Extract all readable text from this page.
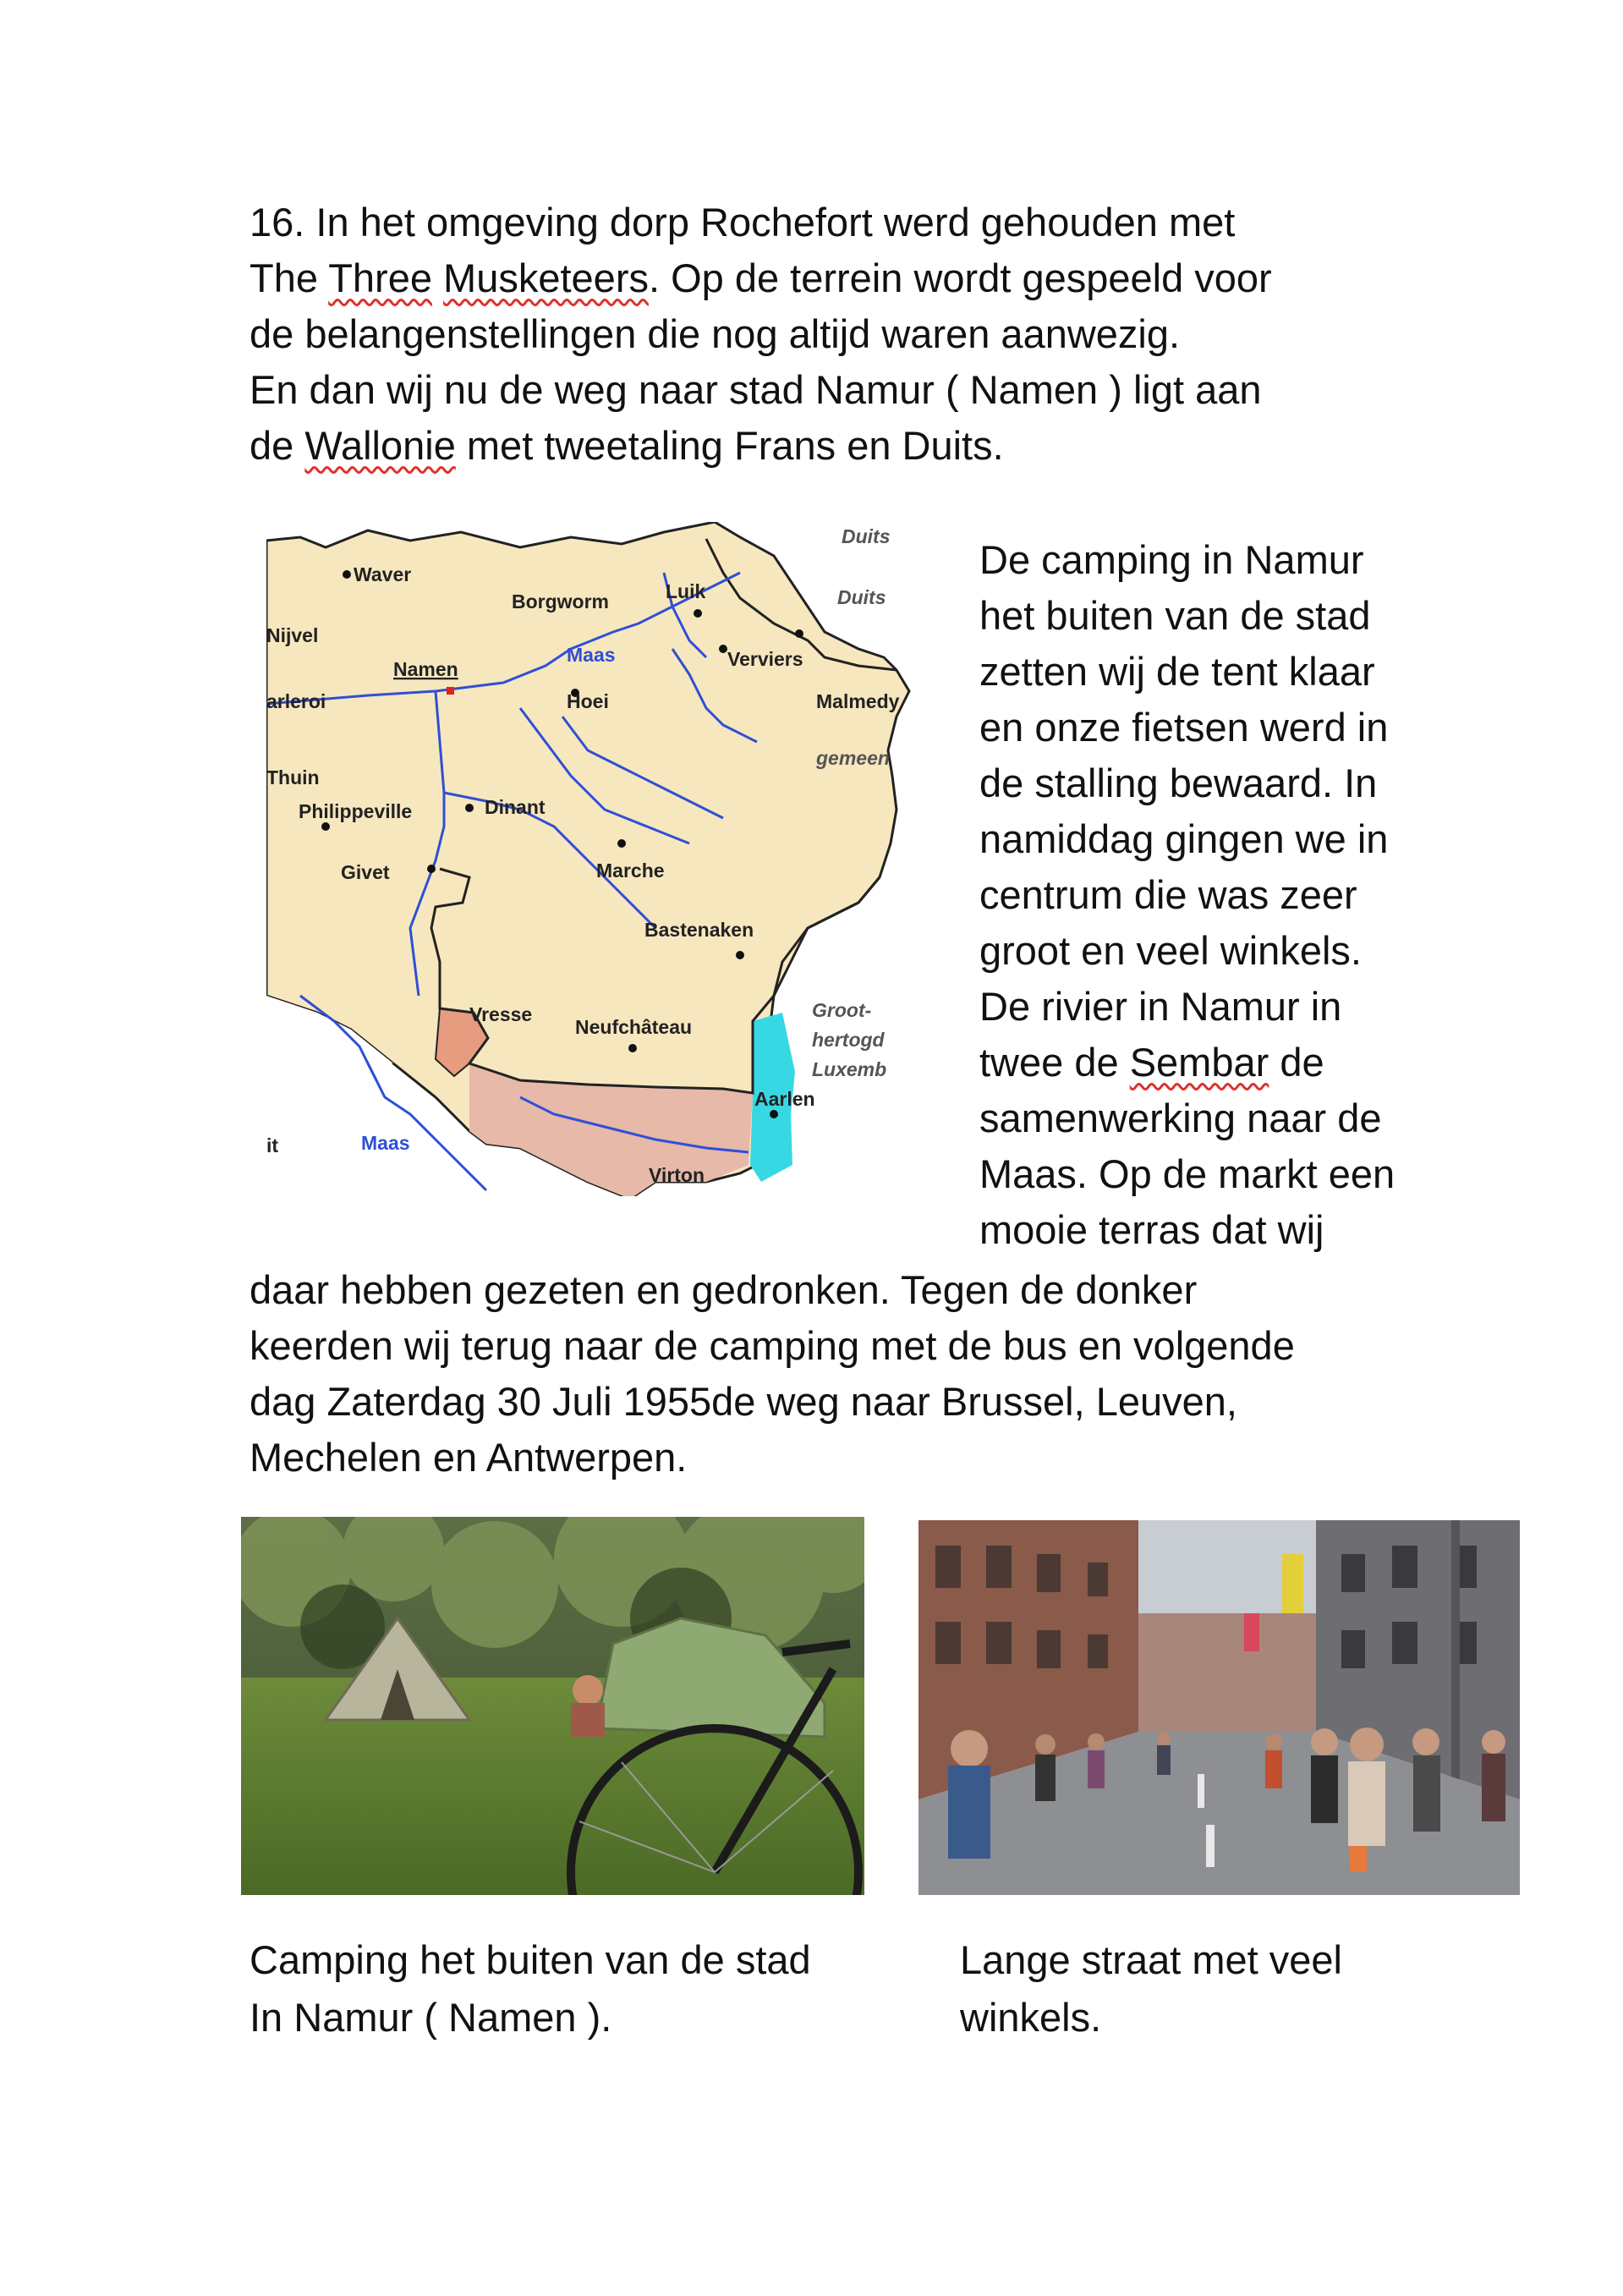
16. In het omgeving dorp Rochefort werd gehouden met
The Three Musketeers. Op de terrein wordt gespeeld voor
de belangenstellingen die nog altijd waren aanwezig.
En dan wij nu de weg naar stad Namur ( Namen ) ligt aan
de Wallonie met tweetaling Frans en Duits.

Waver
Nijvel
Borgworm	Luik
Duits
Duits
Namen
Maas	Verviers
arleroi	Hoei	Malmedy
gemeen
Thuin
Philippeville	Dinant
Givet	Marche
Bastenaken
Vresse
Neufchâteau
Groot-
hertogd
Luxemb
Aarlen
Maas
it
Virton

De camping in Namur
het buiten van de stad
zetten wij de tent klaar
en onze fietsen werd in
de stalling bewaard. In
namiddag gingen we in
centrum die was zeer
groot en veel winkels.
De rivier in Namur in
twee de Sembar de
samenwerking naar de
Maas. Op de markt een
mooie terras dat wij

daar hebben gezeten en gedronken. Tegen de donker
keerden wij terug naar de camping met de bus en volgende
dag Zaterdag 30 Juli 1955de weg naar Brussel, Leuven,
Mechelen en Antwerpen.

Camping het buiten van de stad
In Namur ( Namen ).

Lange straat met veel
winkels.
